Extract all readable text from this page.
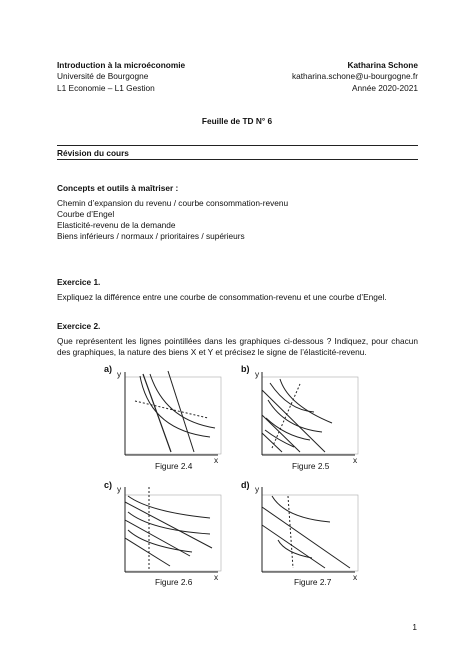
Introduction à la microéconomie
Université de Bourgogne
L1 Economie – L1 Gestion
Katharina Schone
katharina.schone@u-bourgogne.fr
Année 2020-2021
Feuille de TD N° 6
Révision du cours
Concepts et outils à maîtriser :
Chemin d’expansion du revenu / courbe consommation-revenu
Courbe d’Engel
Elasticité-revenu de la demande
Biens inférieurs / normaux / prioritaires / supérieurs
Exercice 1.
Expliquez la différence entre une courbe de consommation-revenu et une courbe d’Engel.
Exercice 2.
Que représentent les lignes pointillées dans les graphiques ci-dessous ? Indiquez, pour chacun des graphiques, la nature des biens X et Y et précisez le signe de l’élasticité-revenu.
a) y
x
Figure 2.4
b) y
x
Figure 2.5
c) y
x
Figure 2.6
d) y
x
Figure 2.7
1
